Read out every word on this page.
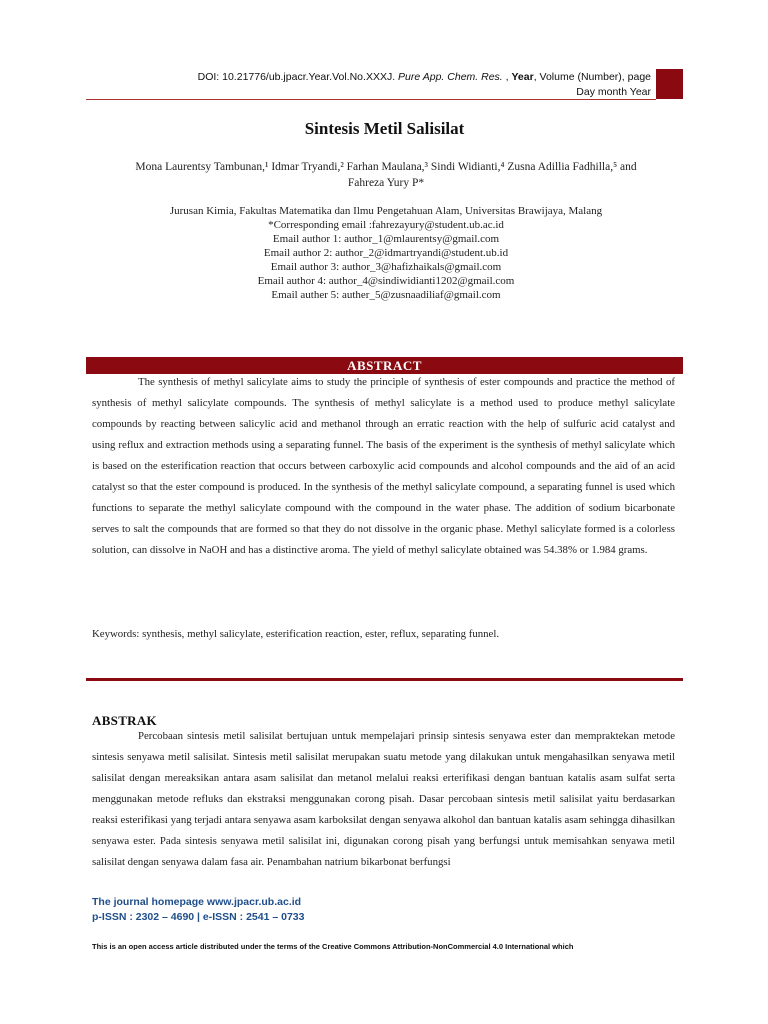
DOI: 10.21776/ub.jpacr.Year.Vol.No.XXXJ. Pure App. Chem. Res. , Year, Volume (Number), page
Day month Year
Sintesis Metil Salisilat
Mona Laurentsy Tambunan,¹ Idmar Tryandi,² Farhan Maulana,³ Sindi Widianti,⁴ Zusna Adillia Fadhilla,⁵ and
Fahreza Yury P*
Jurusan Kimia, Fakultas Matematika dan Ilmu Pengetahuan Alam, Universitas Brawijaya, Malang
*Corresponding email :fahrezayury@student.ub.ac.id
Email author 1: author_1@mlaurentsy@gmail.com
Email author 2: author_2@idmartryandi@student.ub.id
Email author 3: author_3@hafizhaikals@gmail.com
Email author 4: author_4@sindiwidianti1202@gmail.com
Email auther 5: auther_5@zusnaadiliaf@gmail.com
ABSTRACT

The synthesis of methyl salicylate aims to study the principle of synthesis of ester compounds and practice the method of synthesis of methyl salicylate compounds. The synthesis of methyl salicylate is a method used to produce methyl salicylate compounds by reacting between salicylic acid and methanol through an erratic reaction with the help of sulfuric acid catalyst and using reflux and extraction methods using a separating funnel. The basis of the experiment is the synthesis of methyl salicylate which is based on the esterification reaction that occurs between carboxylic acid compounds and alcohol compounds and the aid of an acid catalyst so that the ester compound is produced. In the synthesis of the methyl salicylate compound, a separating funnel is used which functions to separate the methyl salicylate compound with the compound in the water phase. The addition of sodium bicarbonate serves to salt the compounds that are formed so that they do not dissolve in the organic phase. Methyl salicylate formed is a colorless solution, can dissolve in NaOH and has a distinctive aroma. The yield of methyl salicylate obtained was 54.38% or 1.984 grams.

Keywords: synthesis, methyl salicylate, esterification reaction, ester, reflux, separating funnel.
ABSTRAK

Percobaan sintesis metil salisilat bertujuan untuk mempelajari prinsip sintesis senyawa ester dan mempraktekan metode sintesis senyawa metil salisilat. Sintesis metil salisilat merupakan suatu metode yang dilakukan untuk mengahasilkan senyawa metil salisilat dengan mereaksikan antara asam salisilat dan metanol melalui reaksi erterifikasi dengan bantuan katalis asam sulfat serta menggunakan metode refluks dan ekstraksi menggunakan corong pisah. Dasar percobaan sintesis metil salisilat yaitu berdasarkan reaksi esterifikasi yang terjadi antara senyawa asam karboksilat dengan senyawa alkohol dan bantuan katalis asam sehingga dihasilkan senyawa ester. Pada sintesis senyawa metil salisilat ini, digunakan corong pisah yang berfungsi untuk memisahkan senyawa metil salisilat dengan senyawa dalam fasa air. Penambahan natrium bikarbonat berfungsi

The journal homepage www.jpacr.ub.ac.id
p-ISSN : 2302 – 4690 | e-ISSN : 2541 – 0733
This is an open access article distributed under the terms of the Creative Commons Attribution-NonCommercial 4.0 International which
